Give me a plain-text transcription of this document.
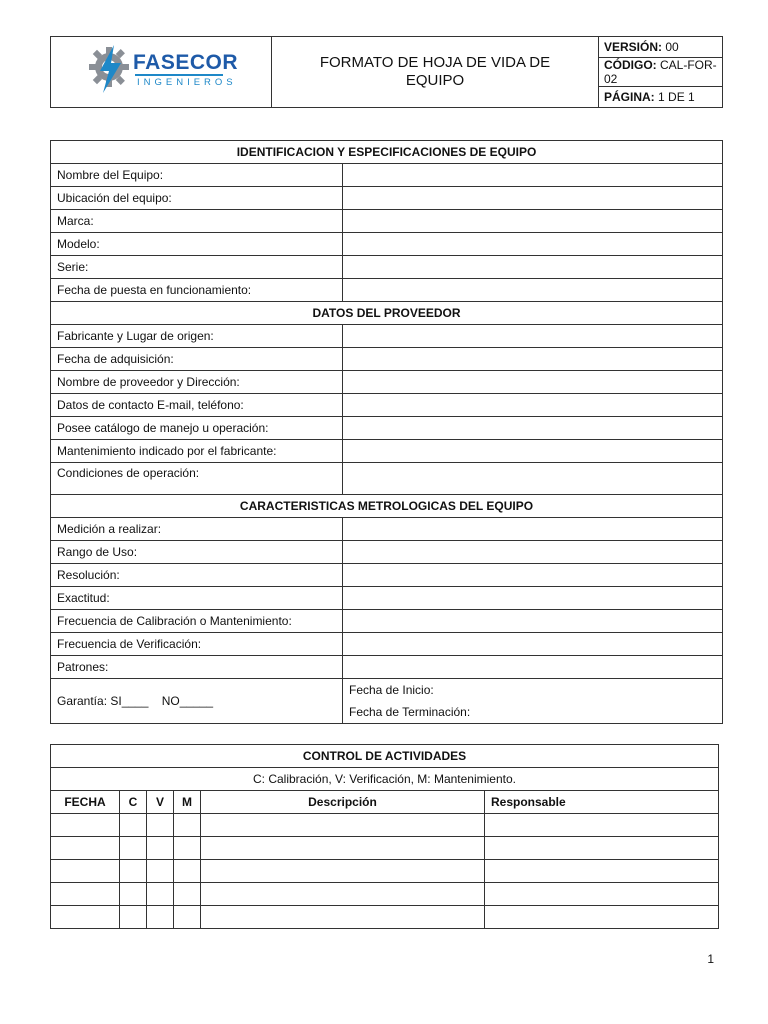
FASECOR
INGENIEROS
	FORMATO DE HOJA DE VIDA DE EQUIPO	VERSIÓN: 00
CÓDIGO: CAL-FOR-02
PÁGINA: 1 DE 1
IDENTIFICACION Y ESPECIFICACIONES DE EQUIPO	
Nombre del Equipo:	
Ubicación del equipo:	
Marca:	
Modelo:	
Serie:	
Fecha de puesta en funcionamiento:	
DATOS DEL PROVEEDOR	
Fabricante y Lugar de origen:	
Fecha de adquisición:	
Nombre de proveedor y Dirección:	
Datos de contacto E-mail, teléfono:	
Posee catálogo de manejo u operación:	
Mantenimiento indicado por el fabricante:	
Condiciones de operación:	
CARACTERISTICAS METROLOGICAS DEL EQUIPO	
Medición a realizar:	
Rango de Uso:	
Resolución:	
Exactitud:	
Frecuencia de Calibración o Mantenimiento:	
Frecuencia de Verificación:	
Patrones:	
Garantía: SI____    NO_____	Fecha de Inicio:
Fecha de Terminación:
CONTROL DE ACTIVIDADES					
C: Calibración, V: Verificación, M: Mantenimiento.					
FECHA	C	V	M	Descripción	Responsable

1
